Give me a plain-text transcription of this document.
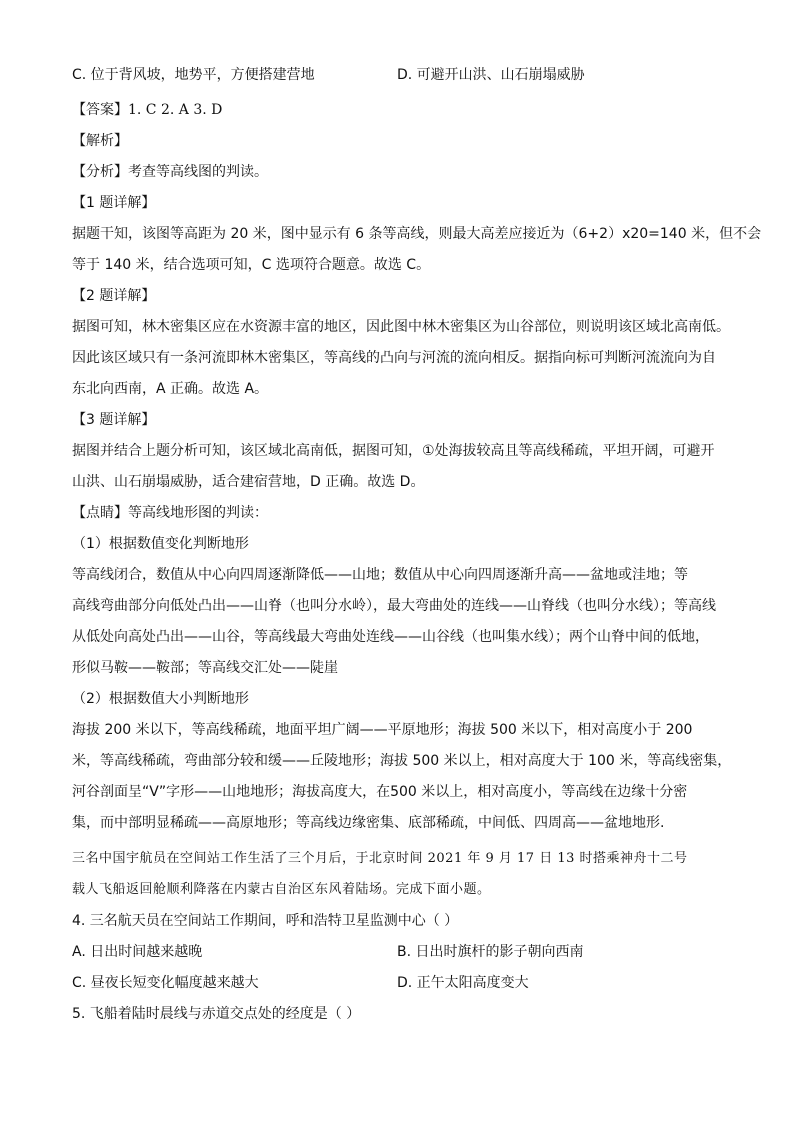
C. 位于背风坡，地势平，方便搭建营地	D. 可避开山洪、山石崩塌威胁
【答案】1. C 2. A 3. D
【解析】
【分析】考查等高线图的判读。
【1 题详解】
据题干知，该图等高距为 20 米，图中显示有 6 条等高线，则最大高差应接近为（6+2）x20=140 米，但不会
等于 140 米，结合选项可知，C 选项符合题意。故选 C。
【2 题详解】
据图可知，林木密集区应在水资源丰富的地区，因此图中林木密集区为山谷部位，则说明该区域北高南低。
因此该区域只有一条河流即林木密集区，等高线的凸向与河流的流向相反。据指向标可判断河流流向为自
东北向西南，A 正确。故选 A。
【3 题详解】
据图并结合上题分析可知，该区域北高南低，据图可知，①处海拔较高且等高线稀疏，平坦开阔，可避开
山洪、山石崩塌威胁，适合建宿营地，D 正确。故选 D。
【点睛】等高线地形图的判读：
（1）根据数值变化判断地形
等高线闭合，数值从中心向四周逐渐降低——山地；数值从中心向四周逐渐升高——盆地或洼地；等
高线弯曲部分向低处凸出——山脊（也叫分水岭），最大弯曲处的连线——山脊线（也叫分水线）；等高线
从低处向高处凸出——山谷，等高线最大弯曲处连线——山谷线（也叫集水线）；两个山脊中间的低地，
形似马鞍——鞍部；等高线交汇处——陡崖
（2）根据数值大小判断地形
海拔 200 米以下，等高线稀疏，地面平坦广阔——平原地形；海拔 500 米以下，相对高度小于 200
米，等高线稀疏，弯曲部分较和缓——丘陵地形；海拔 500 米以上，相对高度大于 100 米，等高线密集，
河谷剖面呈“V”字形——山地地形；海拔高度大，在500 米以上，相对高度小，等高线在边缘十分密
集，而中部明显稀疏——高原地形；等高线边缘密集、底部稀疏，中间低、四周高——盆地地形.
三名中国宇航员在空间站工作生活了三个月后，于北京时间 2021 年 9 月 17 日 13 时搭乘神舟十二号
载人飞船返回舱顺利降落在内蒙古自治区东风着陆场。完成下面小题。
4. 三名航天员在空间站工作期间，呼和浩特卫星监测中心（ ）
A. 日出时间越来越晚	B. 日出时旗杆的影子朝向西南
C. 昼夜长短变化幅度越来越大	D. 正午太阳高度变大
5. 飞船着陆时晨线与赤道交点处的经度是（ ）
